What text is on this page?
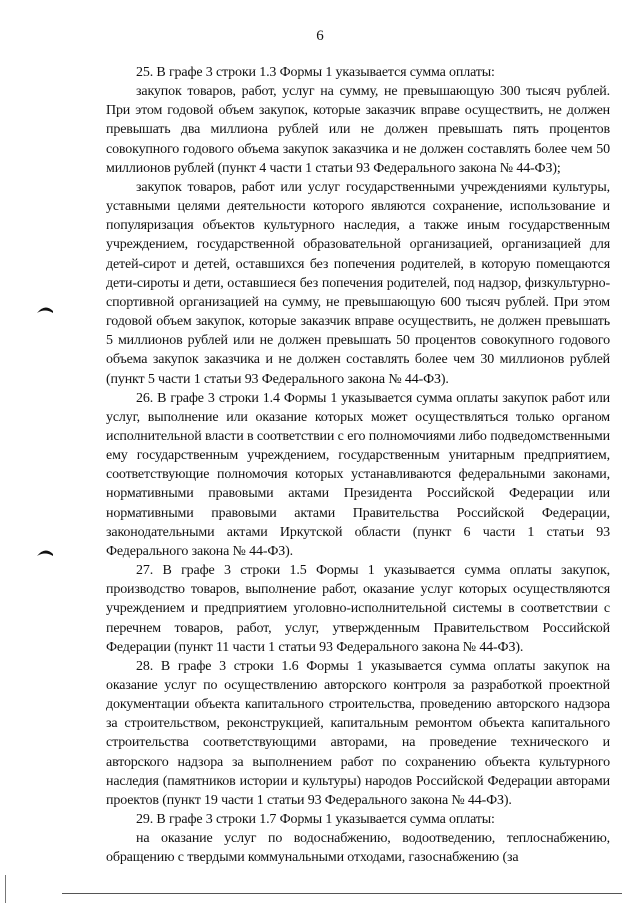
6

25. В графе 3 строки 1.3 Формы 1 указывается сумма оплаты:

закупок товаров, работ, услуг на сумму, не превышающую 300 тысяч рублей. При этом годовой объем закупок, которые заказчик вправе осуществить, не должен превышать два миллиона рублей или не должен превышать пять процентов совокупного годового объема закупок заказчика и не должен составлять более чем 50 миллионов рублей (пункт 4 части 1 статьи 93 Федерального закона № 44-ФЗ);

закупок товаров, работ или услуг государственными учреждениями культуры, уставными целями деятельности которого являются сохранение, использование и популяризация объектов культурного наследия, а также иным государственным учреждением, государственной образовательной организацией, организацией для детей-сирот и детей, оставшихся без попечения родителей, в которую помещаются дети-сироты и дети, оставшиеся без попечения родителей, под надзор, физкультурно-спортивной организацией на сумму, не превышающую 600 тысяч рублей. При этом годовой объем закупок, которые заказчик вправе осуществить, не должен превышать 5 миллионов рублей или не должен превышать 50 процентов совокупного годового объема закупок заказчика и не должен составлять более чем 30 миллионов рублей (пункт 5 части 1 статьи 93 Федерального закона № 44-ФЗ).

26. В графе 3 строки 1.4 Формы 1 указывается сумма оплаты закупок работ или услуг, выполнение или оказание которых может осуществляться только органом исполнительной власти в соответствии с его полномочиями либо подведомственными ему государственным учреждением, государственным унитарным предприятием, соответствующие полномочия которых устанавливаются федеральными законами, нормативными правовыми актами Президента Российской Федерации или нормативными правовыми актами Правительства Российской Федерации, законодательными актами Иркутской области (пункт 6 части 1 статьи 93 Федерального закона № 44-ФЗ).

27. В графе 3 строки 1.5 Формы 1 указывается сумма оплаты закупок, производство товаров, выполнение работ, оказание услуг которых осуществляются учреждением и предприятием уголовно-исполнительной системы в соответствии с перечнем товаров, работ, услуг, утвержденным Правительством Российской Федерации (пункт 11 части 1 статьи 93 Федерального закона № 44-ФЗ).

28. В графе 3 строки 1.6 Формы 1 указывается сумма оплаты закупок на оказание услуг по осуществлению авторского контроля за разработкой проектной документации объекта капитального строительства, проведению авторского надзора за строительством, реконструкцией, капитальным ремонтом объекта капитального строительства соответствующими авторами, на проведение технического и авторского надзора за выполнением работ по сохранению объекта культурного наследия (памятников истории и культуры) народов Российской Федерации авторами проектов (пункт 19 части 1 статьи 93 Федерального закона № 44-ФЗ).

29. В графе 3 строки 1.7 Формы 1 указывается сумма оплаты:

на оказание услуг по водоснабжению, водоотведению, теплоснабжению, обращению с твердыми коммунальными отходами, газоснабжению (за
